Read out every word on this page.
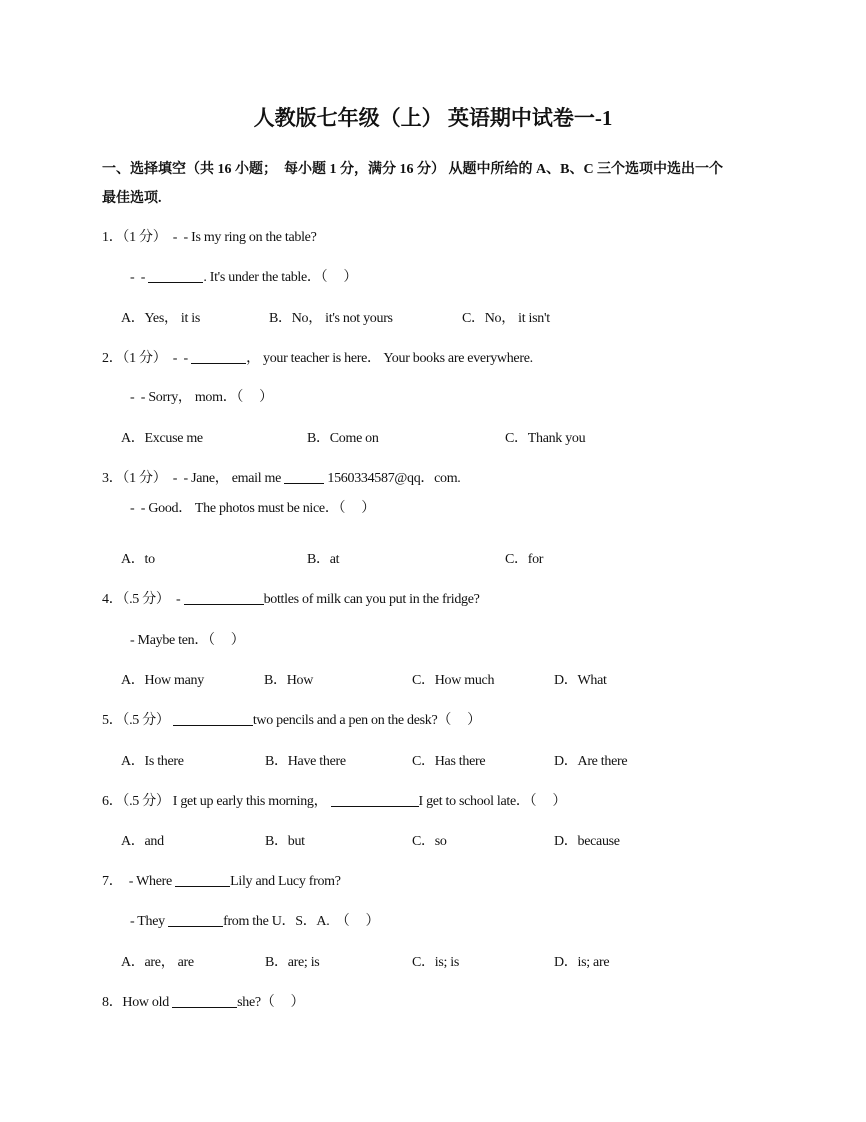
人教版七年级（上） 英语期中试卷一-1
一、选择填空（共 16 小题；  每小题 1 分，满分 16 分） 从题中所给的 A、B、C 三个选项中选出一个
最佳选项.
1．（1 分）  -  - Is my ring on the table?
-  -	. It's under the table．（     ）
A．Yes， it is	B．No， it's not yours	C．No， it isn't
2．（1 分）  -  -	， your teacher is here． Your books are everywhere.
-  - Sorry， mom．（     ）
A．Excuse me	B．Come on	C．Thank you
3．（1 分）  -  - Jane， email me	1560334587@qq．com.
-  - Good． The photos must be nice．（     ）
A．to	B．at	C．for
4．（.5 分）  -	bottles of milk can you put in the fridge?
- Maybe ten．（     ）
A．How many	B．How	C．How much	D．What
5．（.5 分）	two pencils and a pen on the desk?（     ）
A．Is there	B．Have there	C．Has there	D．Are there
6．（.5 分） I get up early this morning，	I get to school late．（     ）
A．and	B．but	C．so	D．because
7．  - Where	Lily and Lucy from?
- They	from the U．S．A.  （     ）
A．are， are	B．are; is	C．is; is	D．is; are
8．How old	she?（     ）
